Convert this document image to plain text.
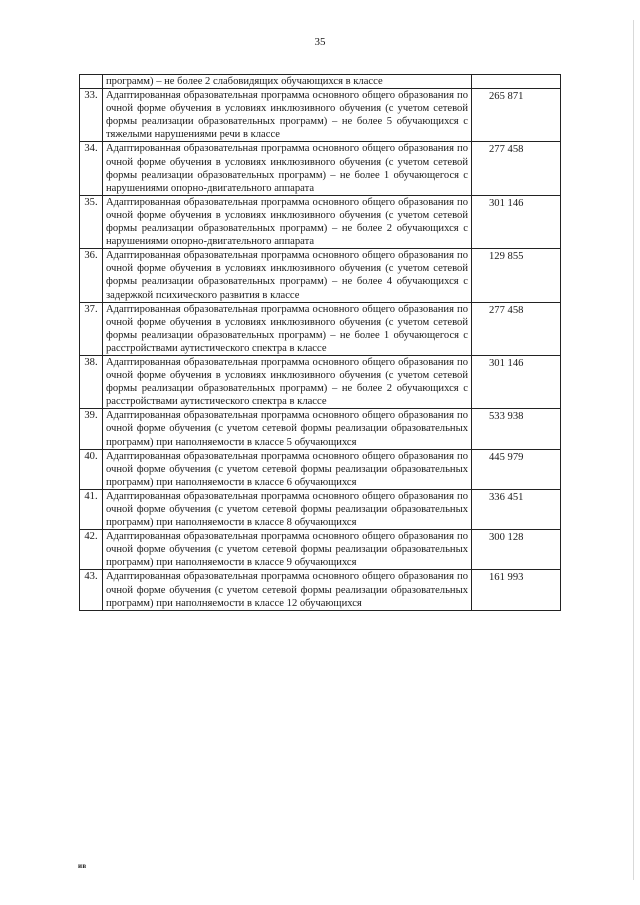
35
	программ) – не более 2 слабовидящих обучающихся в классе	
33.	Адаптированная образовательная программа основного общего образования по очной форме обучения в условиях инклюзивного обучения (с учетом сетевой формы реализации образовательных программ) – не более 5 обучающихся с тяжелыми нарушениями речи в классе	265 871
34.	Адаптированная образовательная программа основного общего образования по очной форме обучения в условиях инклюзивного обучения (с учетом сетевой формы реализации образовательных программ) – не более 1 обучающегося с нарушениями опорно-двигательного аппарата	277 458
35.	Адаптированная образовательная программа основного общего образования по очной форме обучения в условиях инклюзивного обучения (с учетом сетевой формы реализации образовательных программ) – не более 2 обучающихся с нарушениями опорно-двигательного аппарата	301 146
36.	Адаптированная образовательная программа основного общего образования по очной форме обучения в условиях инклюзивного обучения (с учетом сетевой формы реализации образовательных программ) – не более 4 обучающихся с задержкой психического развития в классе	129 855
37.	Адаптированная образовательная программа основного общего образования по очной форме обучения в условиях инклюзивного обучения (с учетом сетевой формы реализации образовательных программ) – не более 1 обучающегося с расстройствами аутистического спектра в классе	277 458
38.	Адаптированная образовательная программа основного общего образования по очной форме обучения в условиях инклюзивного обучения (с учетом сетевой формы реализации образовательных программ) – не более 2 обучающихся с расстройствами аутистического спектра в классе	301 146
39.	Адаптированная образовательная программа основного общего образования по очной форме обучения (с учетом сетевой формы реализации образовательных программ) при наполняемости в классе 5 обучающихся	533 938
40.	Адаптированная образовательная программа основного общего образования по очной форме обучения (с учетом сетевой формы реализации образовательных программ) при наполняемости в классе 6 обучающихся	445 979
41.	Адаптированная образовательная программа основного общего образования по очной форме обучения (с учетом сетевой формы реализации образовательных программ) при наполняемости в классе 8 обучающихся	336 451
42.	Адаптированная образовательная программа основного общего образования по очной форме обучения (с учетом сетевой формы реализации образовательных программ) при наполняемости в классе 9 обучающихся	300 128
43.	Адаптированная образовательная программа основного общего образования по очной форме обучения (с учетом сетевой формы реализации образовательных программ) при наполняемости в классе 12 обучающихся	161 993
ив
